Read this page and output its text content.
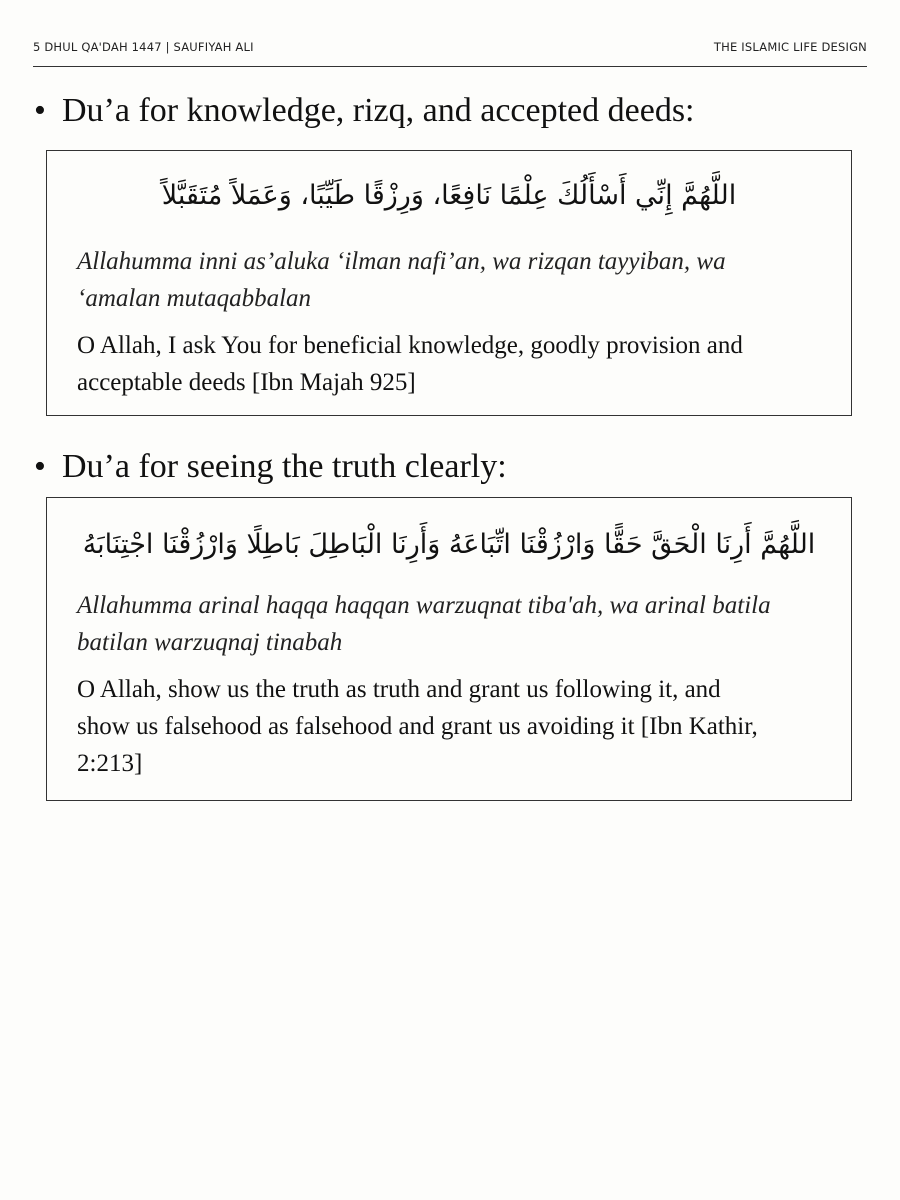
5 DHUL QA'DAH 1447 | SAUFIYAH ALI	THE ISLAMIC LIFE DESIGN
• Du’a for knowledge, rizq, and accepted deeds:
اللَّهُمَّ إِنِّي أَسْأَلُكَ عِلْمًا نَافِعًا، وَرِزْقًا طَيِّبًا، وَعَمَلاً مُتَقَبَّلاً
Allahumma inni as’aluka ‘ilman nafi’an, wa rizqan tayyiban, wa
‘amalan mutaqabbalan
O Allah, I ask You for beneficial knowledge, goodly provision and
acceptable deeds [Ibn Majah 925]
• Du’a for seeing the truth clearly:
اللَّهُمَّ أَرِنَا الْحَقَّ حَقًّا وَارْزُقْنَا اتِّبَاعَهُ وَأَرِنَا الْبَاطِلَ بَاطِلًا وَارْزُقْنَا اجْتِنَابَهُ
Allahumma arinal haqqa haqqan warzuqnat tiba'ah, wa arinal batila
batilan warzuqnaj tinabah
O Allah, show us the truth as truth and grant us following it, and
show us falsehood as falsehood and grant us avoiding it [Ibn Kathir,
2:213]
